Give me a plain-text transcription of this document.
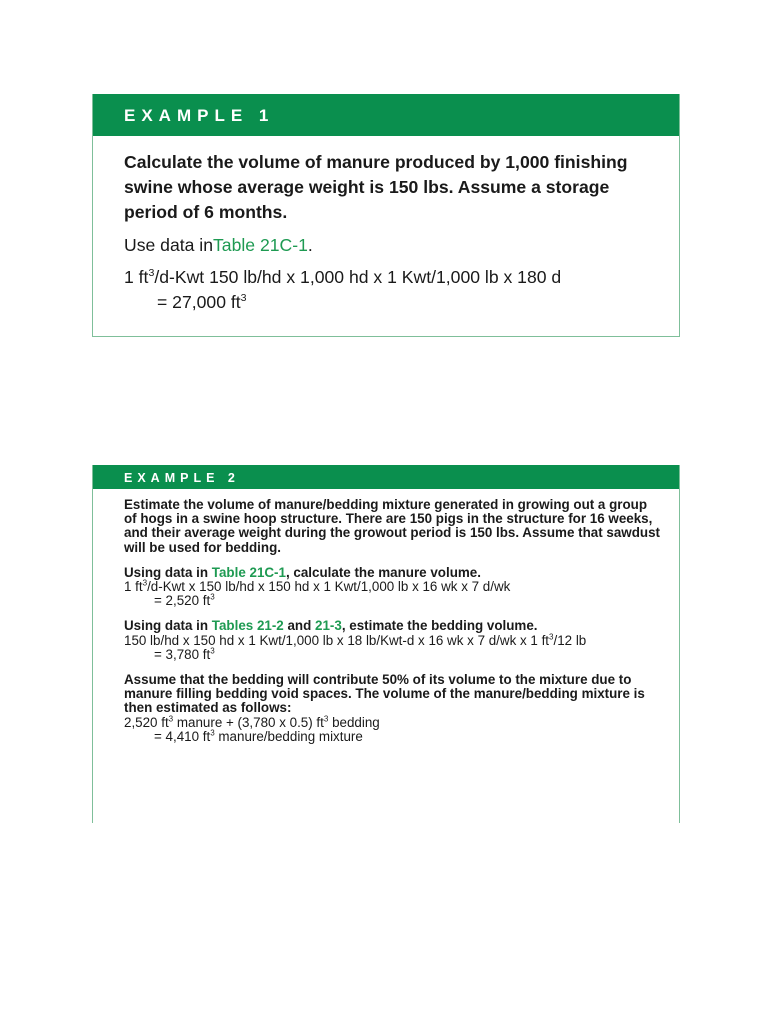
EXAMPLE 1

Calculate the volume of manure produced by 1,000 finishing swine whose average weight is 150 lbs. Assume a storage period of 6 months.

Use data inTable 21C-1.

1 $ft^3/d$-Kwt 150 lb/hd x 1,000 hd x 1 Kwt/1,000 lb x 180 d
= 27,000 $ft^3$

EXAMPLE 2

Estimate the volume of manure/bedding mixture generated in growing out a group of hogs in a swine hoop structure. There are 150 pigs in the structure for 16 weeks, and their average weight during the growout period is 150 lbs. Assume that sawdust will be used for bedding.

Using data in Table 21C-1, calculate the manure volume.

1 $ft^3/d$-Kwt x 150 lb/hd x 150 hd x 1 Kwt/1,000 lb x 16 wk x 7 d/wk

= 2,520 $ft^3$

Using data in Tables 21-2 and 21-3, estimate the bedding volume.

150 lb/hd x 150 hd x 1 Kwt/1,000 lb x 18 lb/Kwt-d x 16 wk x 7 d/wk x 1 $ft^3/12$ lb

= 3,780 $ft^3$

Assume that the bedding will contribute 50% of its volume to the mixture due to manure filling bedding void spaces. The volume of the manure/bedding mixture is then estimated as follows:

2,520 $ft^3$ manure + (3,780 x 0.5) $ft^3$ bedding

= 4,410 $ft^3$ manure/bedding mixture
